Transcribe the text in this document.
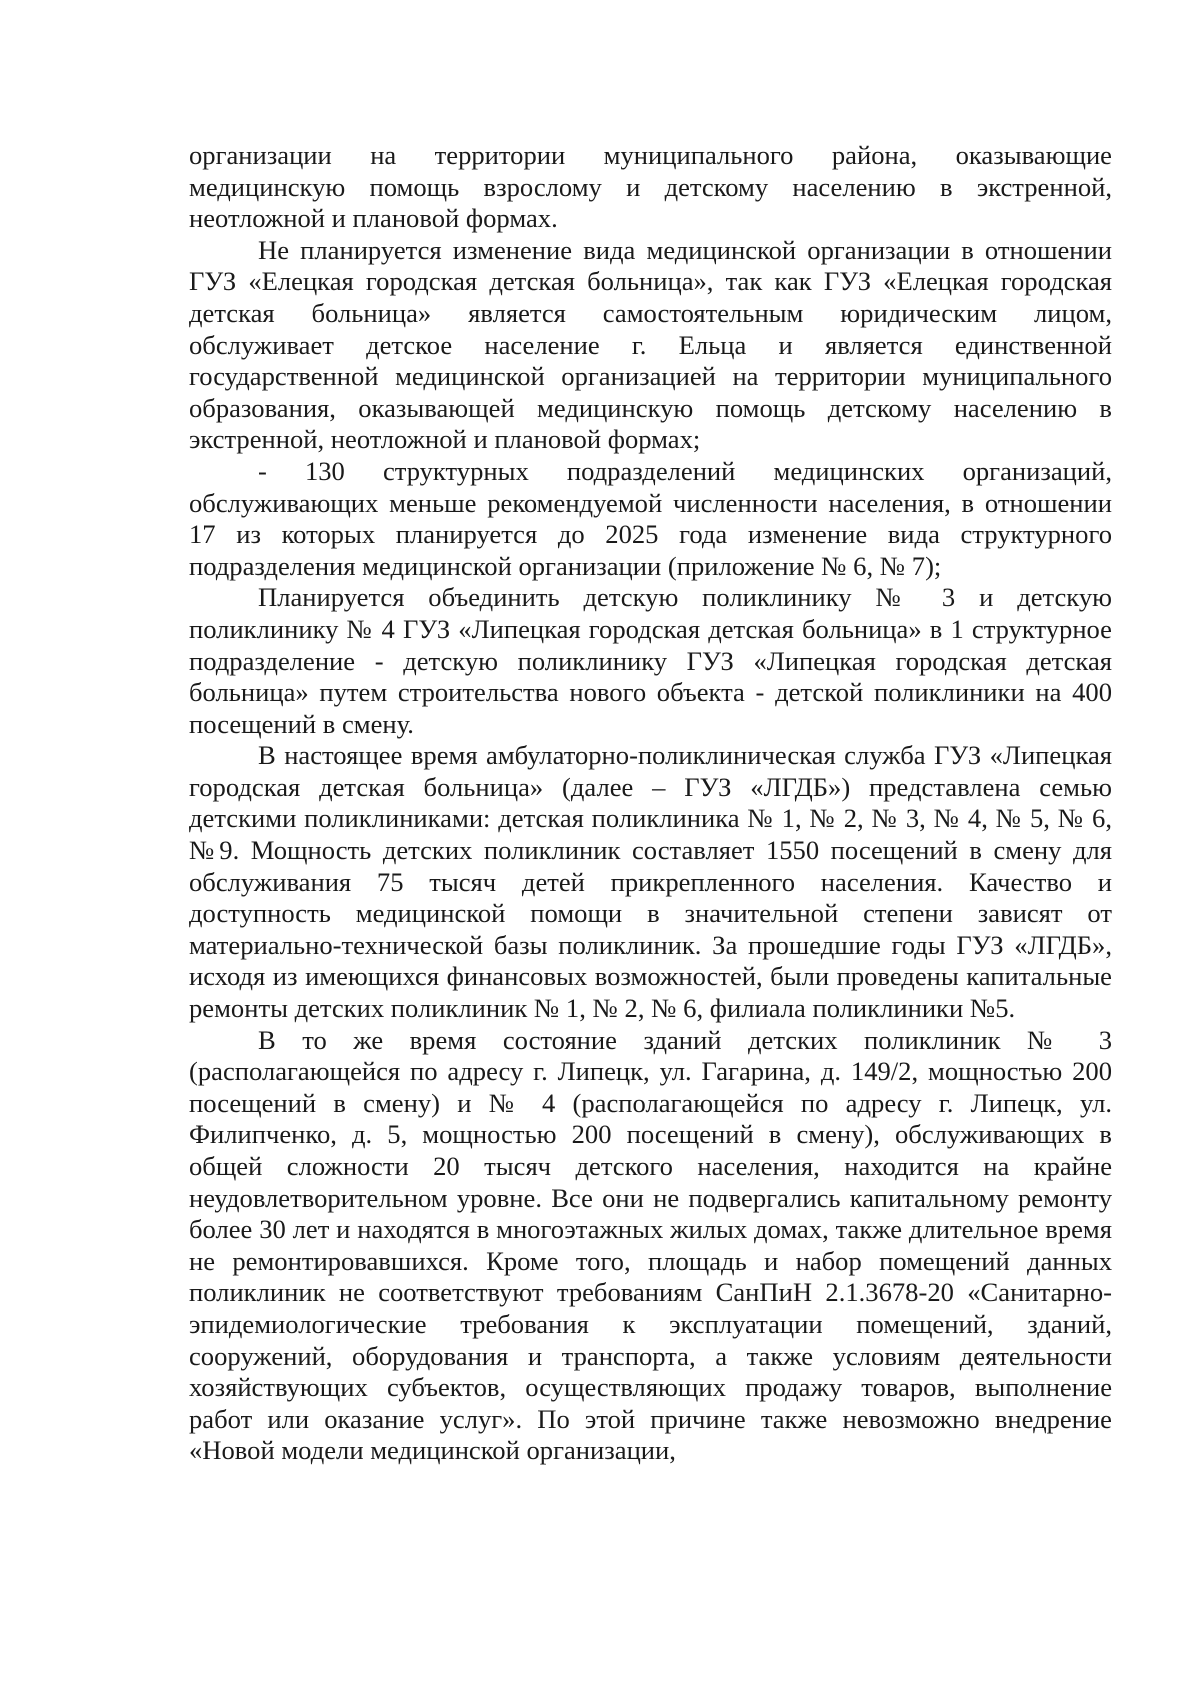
организации на территории муниципального района, оказывающие медицинскую помощь взрослому и детскому населению в экстренной, неотложной и плановой формах.

Не планируется изменение вида медицинской организации в отношении ГУЗ «Елецкая городская детская больница», так как ГУЗ «Елецкая городская детская больница» является самостоятельным юридическим лицом, обслуживает детское население г. Ельца и является единственной государственной медицинской организацией на территории муниципального образования, оказывающей медицинскую помощь детскому населению в экстренной, неотложной и плановой формах;

- 130 структурных подразделений медицинских организаций, обслуживающих меньше рекомендуемой численности населения, в отношении 17 из которых планируется до 2025 года изменение вида структурного подразделения медицинской организации (приложение № 6, № 7);

Планируется объединить детскую поликлинику № 3 и детскую поликлинику № 4 ГУЗ «Липецкая городская детская больница» в 1 структурное подразделение - детскую поликлинику ГУЗ «Липецкая городская детская больница» путем строительства нового объекта - детской поликлиники на 400 посещений в смену.

В настоящее время амбулаторно-поликлиническая служба ГУЗ «Липецкая городская детская больница» (далее – ГУЗ «ЛГДБ») представлена семью детскими поликлиниками: детская поликлиника № 1, № 2, № 3, № 4, № 5, № 6, №9. Мощность детских поликлиник составляет 1550 посещений в смену для обслуживания 75 тысяч детей прикрепленного населения. Качество и доступность медицинской помощи в значительной степени зависят от материально-технической базы поликлиник. За прошедшие годы ГУЗ «ЛГДБ», исходя из имеющихся финансовых возможностей, были проведены капитальные ремонты детских поликлиник № 1, № 2, № 6, филиала поликлиники №5.

В то же время состояние зданий детских поликлиник № 3 (располагающейся по адресу г. Липецк, ул. Гагарина, д. 149/2, мощностью 200 посещений в смену) и № 4 (располагающейся по адресу г. Липецк, ул. Филипченко, д. 5, мощностью 200 посещений в смену), обслуживающих в общей сложности 20 тысяч детского населения, находится на крайне неудовлетворительном уровне. Все они не подвергались капитальному ремонту более 30 лет и находятся в многоэтажных жилых домах, также длительное время не ремонтировавшихся. Кроме того, площадь и набор помещений данных поликлиник не соответствуют требованиям СанПиН 2.1.3678-20 «Санитарно-эпидемиологические требования к эксплуатации помещений, зданий, сооружений, оборудования и транспорта, а также условиям деятельности хозяйствующих субъектов, осуществляющих продажу товаров, выполнение работ или оказание услуг». По этой причине также невозможно внедрение «Новой модели медицинской организации,
